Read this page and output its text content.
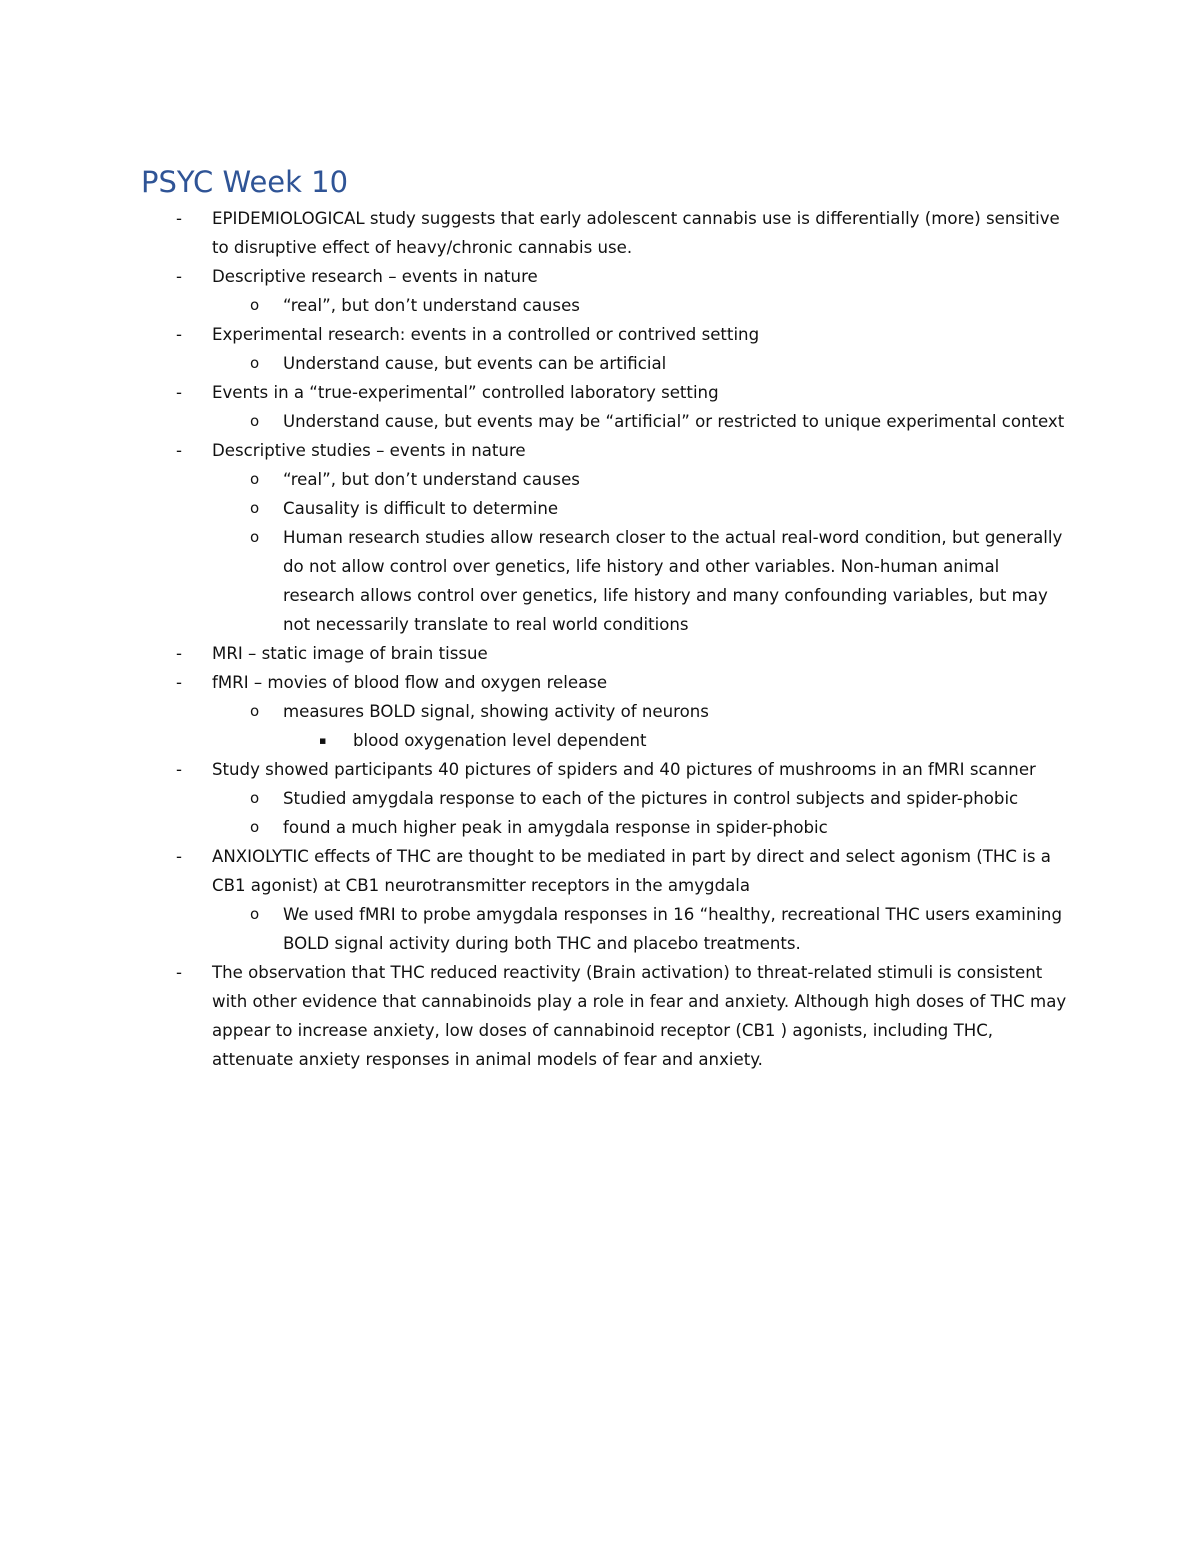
PSYC Week 10
-	EPIDEMIOLOGICAL study suggests that early adolescent cannabis use is differentially (more) sensitive to disruptive effect of heavy/chronic cannabis use.
-	Descriptive research – events in nature
o	“real”, but don’t understand causes
-	Experimental research: events in a controlled or contrived setting
o	Understand cause, but events can be artificial
-	Events in a “true-experimental” controlled laboratory setting
o	Understand cause, but events may be “artificial” or restricted to unique experimental context
-	Descriptive studies – events in nature
o	“real”, but don’t understand causes
o	Causality is difficult to determine
o	Human research studies allow research closer to the actual real-word condition, but generally do not allow control over genetics, life history and other variables. Non-human animal research allows control over genetics, life history and many confounding variables, but may not necessarily translate to real world conditions
-	MRI – static image of brain tissue
-	fMRI – movies of blood flow and oxygen release
o	measures BOLD signal, showing activity of neurons
▪	blood oxygenation level dependent
-	Study showed participants 40 pictures of spiders and 40 pictures of mushrooms in an fMRI scanner
o	Studied amygdala response to each of the pictures in control subjects and spider-phobic
o	found a much higher peak in amygdala response in spider-phobic
-	ANXIOLYTIC effects of THC are thought to be mediated in part by direct and select agonism (THC is a CB1 agonist) at CB1 neurotransmitter receptors in the amygdala
o	We used fMRI to probe amygdala responses in 16 “healthy, recreational THC users examining BOLD signal activity during both THC and placebo treatments.
-	The observation that THC reduced reactivity (Brain activation) to threat-related stimuli is consistent with other evidence that cannabinoids play a role in fear and anxiety. Although high doses of THC may appear to increase anxiety, low doses of cannabinoid receptor (CB1 ) agonists, including THC, attenuate anxiety responses in animal models of fear and anxiety.
